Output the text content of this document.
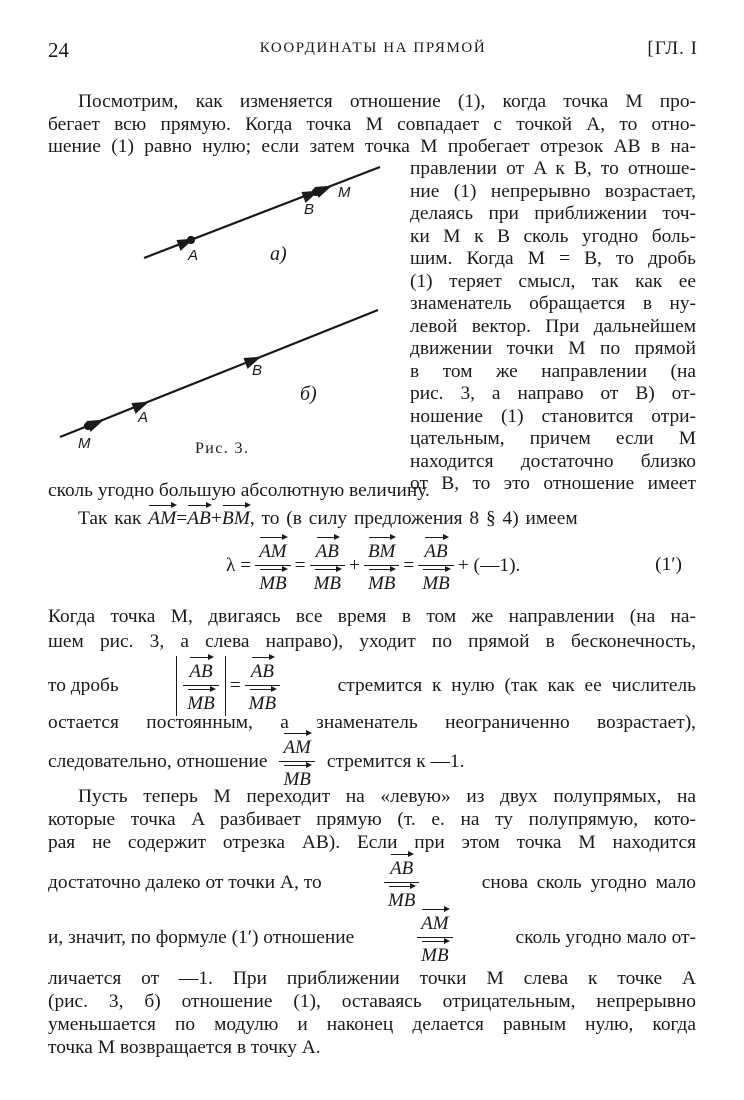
24	КООРДИНАТЫ НА ПРЯМОЙ	[ГЛ. I
Посмотрим, как изменяется отношение (1), когда точка M про-
бегает всю прямую. Когда точка M совпадает с точкой A, то отно-
шение (1) равно нулю; если затем точка M пробегает отрезок AB в на-
правлении от A к B, то отноше-
ние (1) непрерывно возрастает,
делаясь при приближении точ-
ки M к B сколь угодно боль-
шим. Когда M = B, то дробь
(1) теряет смысл, так как ее
знаменатель обращается в ну-
левой вектор. При дальнейшем
движении точки M по прямой
в том же направлении (на
рис. 3, a направо от B) от-
ношение (1) становится отри-
цательным, причем если M
находится достаточно близко
от B, то это отношение имеет
A
B
M
M
A
B
а)
б)
Рис. 3.
сколь угодно большую абсолютную величину.
Так как AM=AB+BM, то (в силу предложения 8 § 4) имеем
$\lambda = \frac{AM}{MB} = \frac{AB}{MB} + \frac{BM}{MB} = \frac{AB}{MB}$ + (—1).	(1′)
Когда точка M, двигаясь все время в том же направлении (на на-
шем рис. 3, a слева направо), уходит по прямой в бесконечность,
то дробь	$\frac{AB}{MB} = \frac{AB}{MB}$	стремится к нулю (так как ее числитель
остается постоянным, а знаменатель неограниченно возрастает),
следовательно, отношение $\frac{AM}{MB}$ стремится к —1.
Пусть теперь M переходит на «левую» из двух полупрямых, на
которые точка A разбивает прямую (т. е. на ту полупрямую, кото-
рая не содержит отрезка AB). Если при этом точка M находится
достаточно далеко от точки A, то	$\frac{AB}{MB}$	снова сколь угодно мало
и, значит, по формуле (1′) отношение	$\frac{AM}{MB}$	сколь угодно мало от-
личается от —1. При приближении точки M слева к точке A
(рис. 3, б) отношение (1), оставаясь отрицательным, непрерывно
уменьшается по модулю и наконец делается равным нулю, когда
точка M возвращается в точку A.
